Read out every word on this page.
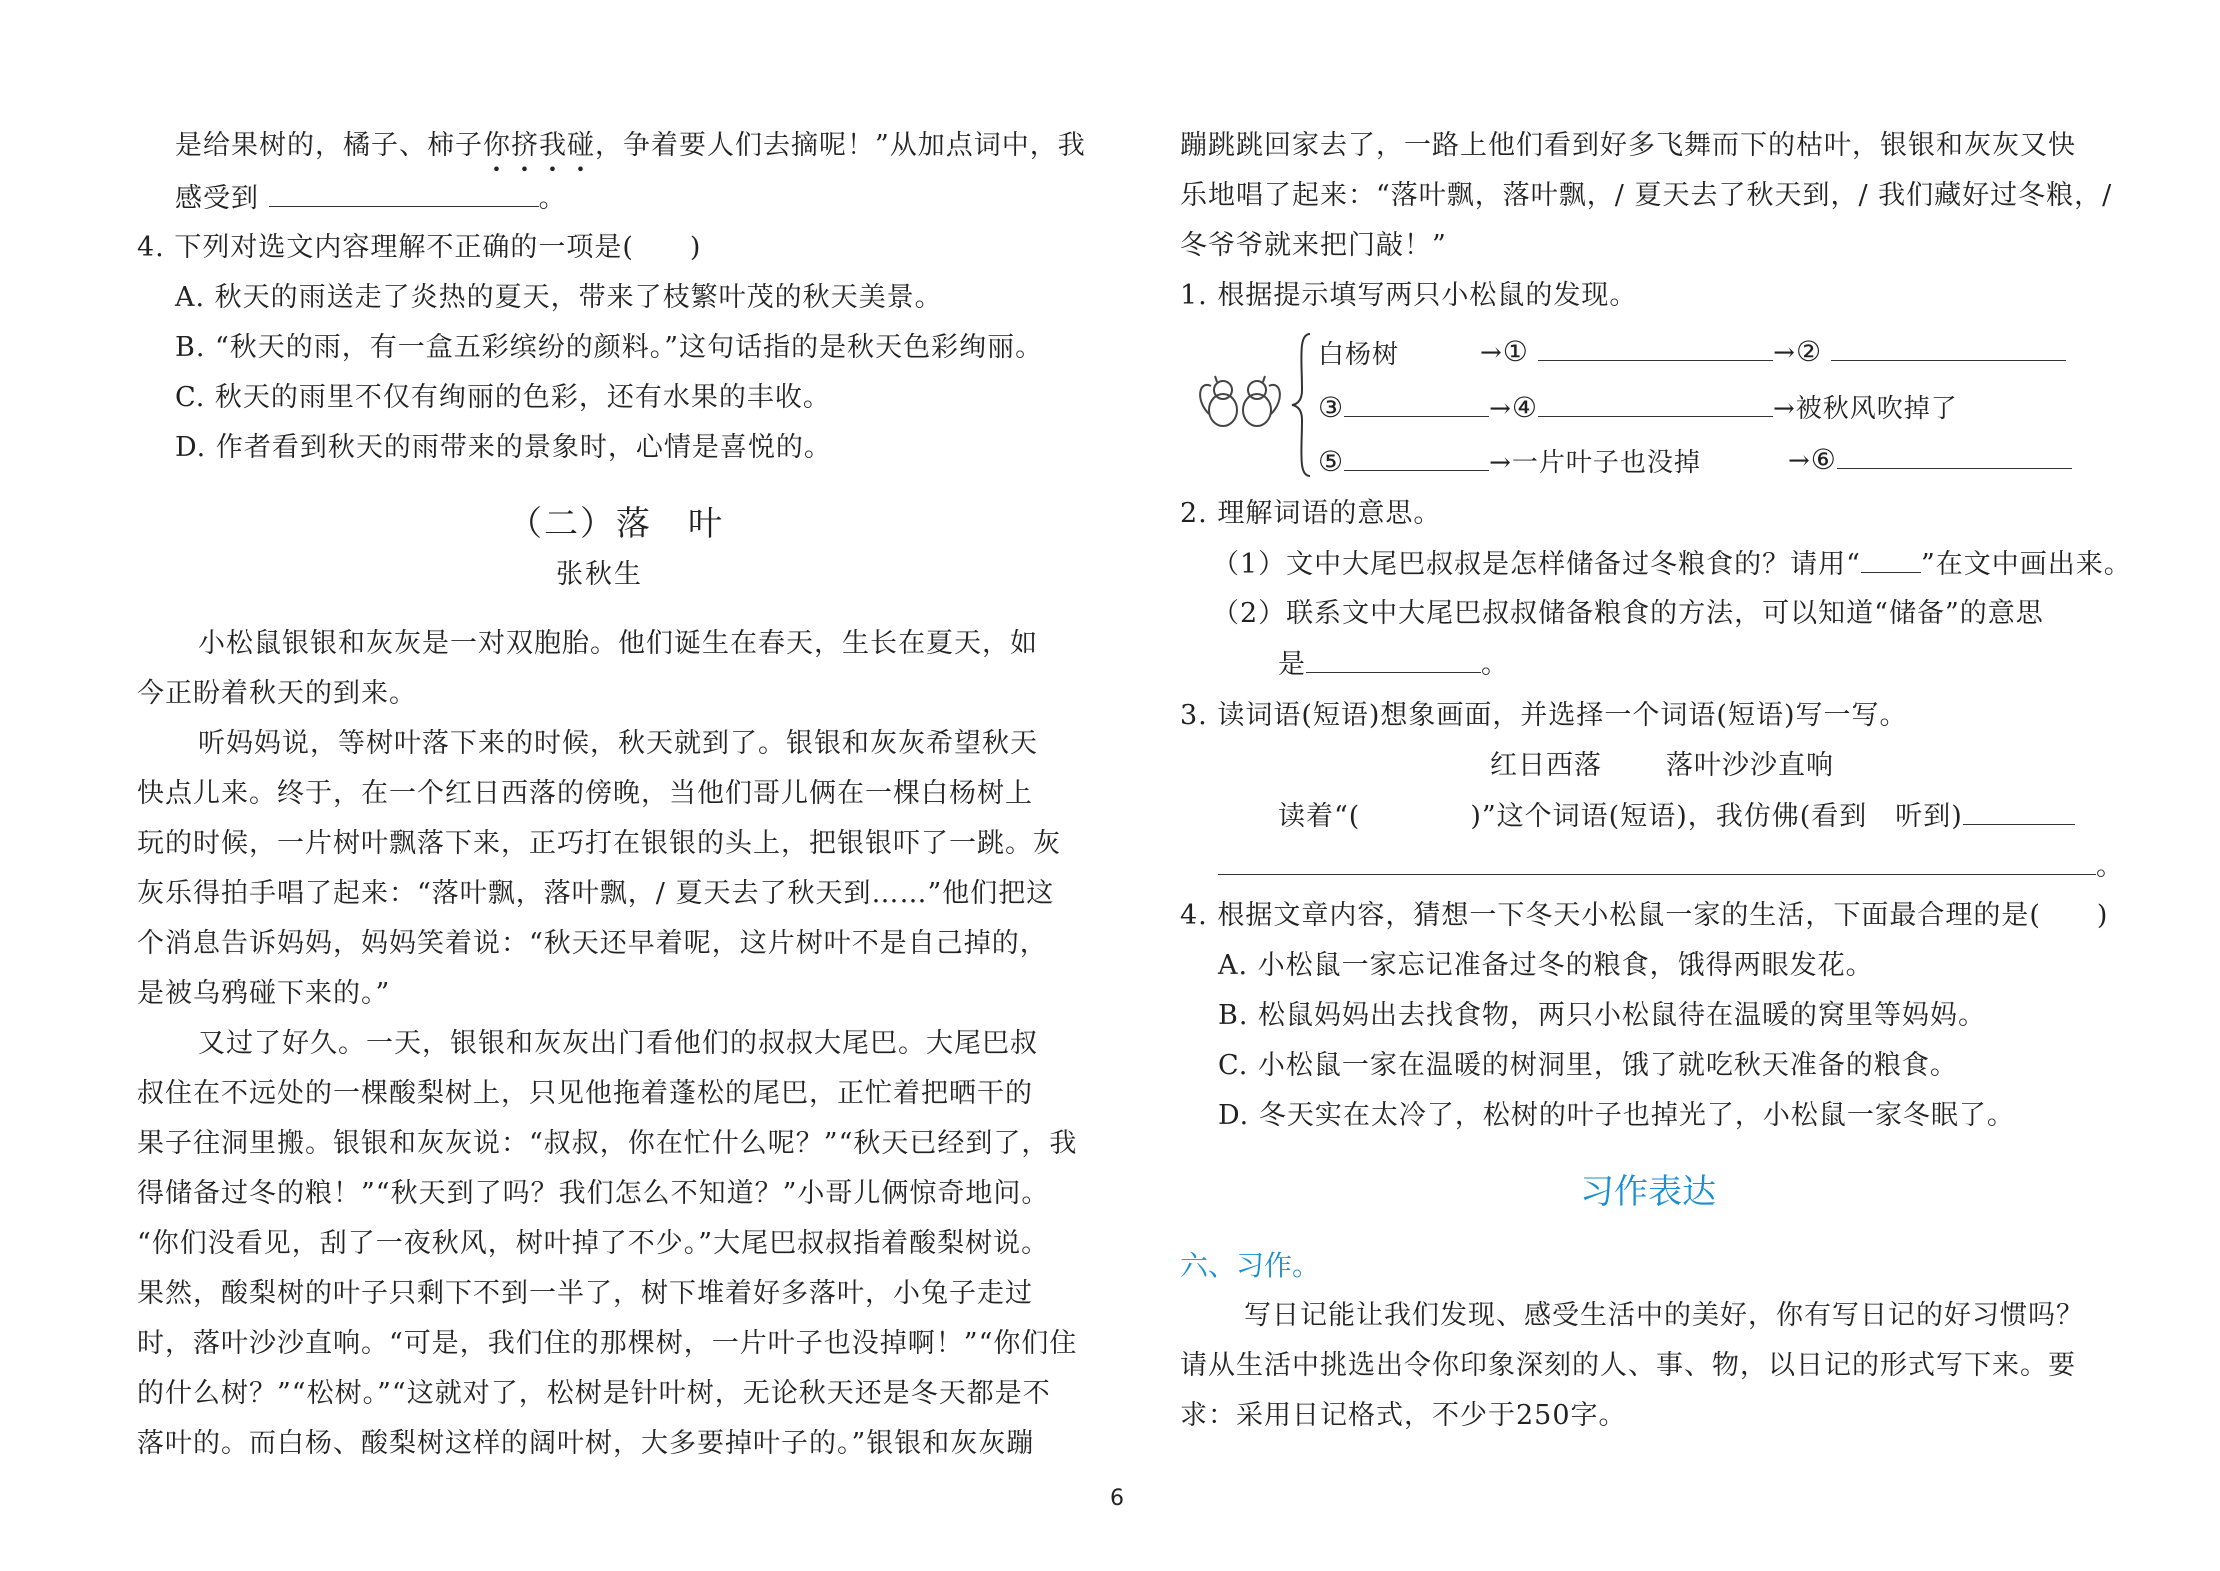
是给果树的，橘子、柿子你挤我碰，争着要人们去摘呢！”从加点词中，我
感受到	。
4. 下列对选文内容理解不正确的一项是(　　)
A. 秋天的雨送走了炎热的夏天，带来了枝繁叶茂的秋天美景。
B. “秋天的雨，有一盒五彩缤纷的颜料。”这句话指的是秋天色彩绚丽。
C. 秋天的雨里不仅有绚丽的色彩，还有水果的丰收。
D. 作者看到秋天的雨带来的景象时，心情是喜悦的。
（二）落　叶
张秋生
小松鼠银银和灰灰是一对双胞胎。他们诞生在春天，生长在夏天，如
今正盼着秋天的到来。
听妈妈说，等树叶落下来的时候，秋天就到了。银银和灰灰希望秋天
快点儿来。终于，在一个红日西落的傍晚，当他们哥儿俩在一棵白杨树上
玩的时候，一片树叶飘落下来，正巧打在银银的头上，把银银吓了一跳。灰
灰乐得拍手唱了起来：“落叶飘，落叶飘，/ 夏天去了秋天到……”他们把这
个消息告诉妈妈，妈妈笑着说：“秋天还早着呢，这片树叶不是自己掉的，
是被乌鸦碰下来的。”
又过了好久。一天，银银和灰灰出门看他们的叔叔大尾巴。大尾巴叔
叔住在不远处的一棵酸梨树上，只见他拖着蓬松的尾巴，正忙着把晒干的
果子往洞里搬。银银和灰灰说：“叔叔，你在忙什么呢？”“秋天已经到了，我
得储备过冬的粮！”“秋天到了吗？我们怎么不知道？”小哥儿俩惊奇地问。
“你们没看见，刮了一夜秋风，树叶掉了不少。”大尾巴叔叔指着酸梨树说。
果然，酸梨树的叶子只剩下不到一半了，树下堆着好多落叶，小兔子走过
时，落叶沙沙直响。“可是，我们住的那棵树，一片叶子也没掉啊！”“你们住
的什么树？”“松树。”“这就对了，松树是针叶树，无论秋天还是冬天都是不
落叶的。而白杨、酸梨树这样的阔叶树，大多要掉叶子的。”银银和灰灰蹦
蹦跳跳回家去了，一路上他们看到好多飞舞而下的枯叶，银银和灰灰又快
乐地唱了起来：“落叶飘，落叶飘，/ 夏天去了秋天到，/ 我们藏好过冬粮，/
冬爷爷就来把门敲！”
1. 根据提示填写两只小松鼠的发现。
白杨树	→①	→②
③	→④	→被秋风吹掉了
⑤	→一片叶子也没掉	→⑥
2. 理解词语的意思。
（1）文中大尾巴叔叔是怎样储备过冬粮食的？请用“ ”在文中画出来。
（2）联系文中大尾巴叔叔储备粮食的方法，可以知道“储备”的意思
是	。
3. 读词语(短语)想象画面，并选择一个词语(短语)写一写。
红日西落 落叶沙沙直响
读着“(	)”这个词语(短语)，我仿佛(看到　听到)
。
4. 根据文章内容，猜想一下冬天小松鼠一家的生活，下面最合理的是(　　)
A. 小松鼠一家忘记准备过冬的粮食，饿得两眼发花。
B. 松鼠妈妈出去找食物，两只小松鼠待在温暖的窝里等妈妈。
C. 小松鼠一家在温暖的树洞里，饿了就吃秋天准备的粮食。
D. 冬天实在太冷了，松树的叶子也掉光了，小松鼠一家冬眠了。
习作表达
六、习作。
写日记能让我们发现、感受生活中的美好，你有写日记的好习惯吗？
请从生活中挑选出令你印象深刻的人、事、物，以日记的形式写下来。要
求：采用日记格式，不少于250字。
6
